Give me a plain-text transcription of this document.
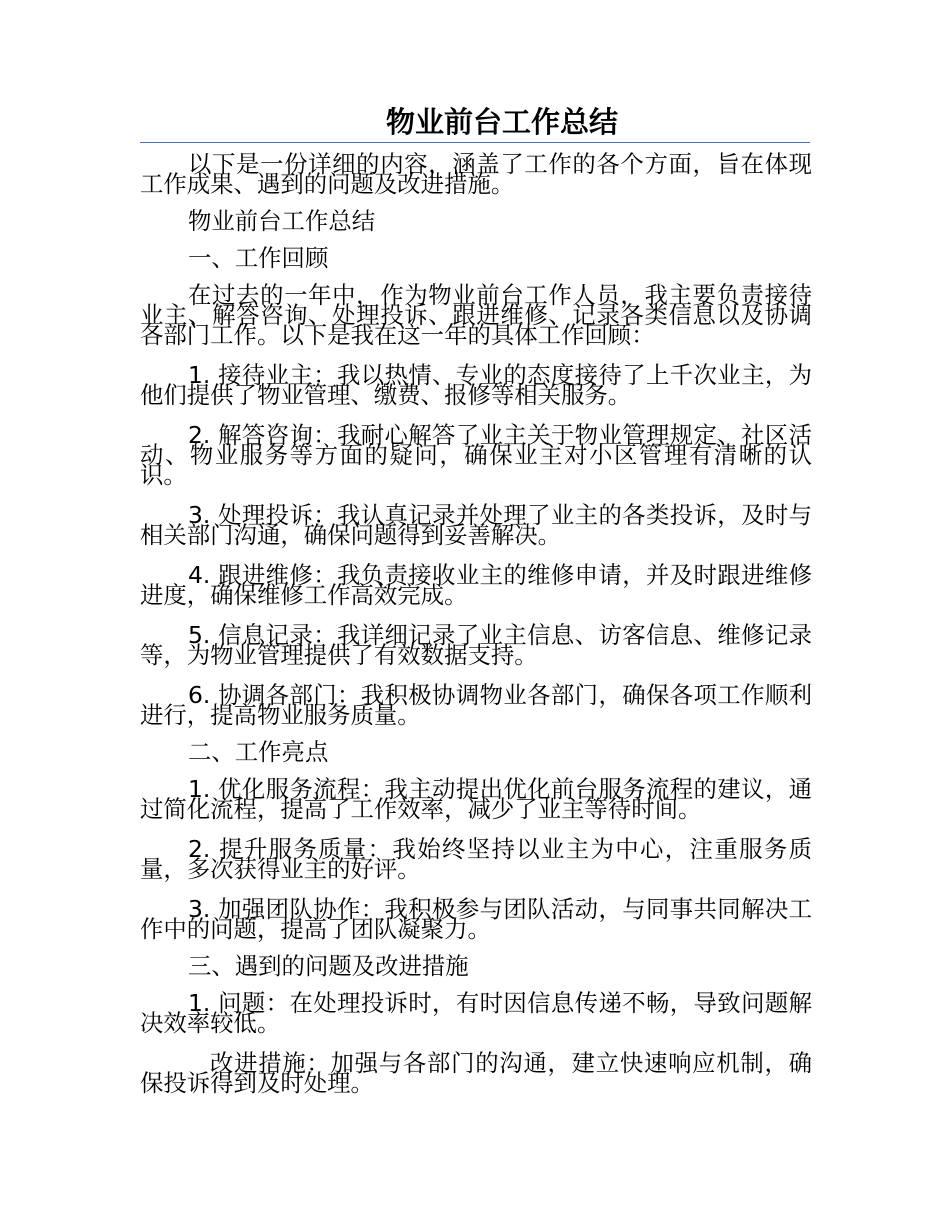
物业前台工作总结

以下是一份详细的内容，涵盖了工作的各个方面，旨在体现工作成果、遇到的问题及改进措施。

物业前台工作总结

一、工作回顾

在过去的一年中，作为物业前台工作人员，我主要负责接待业主、解答咨询、处理投诉、跟进维修、记录各类信息以及协调各部门工作。以下是我在这一年的具体工作回顾：

1. 接待业主：我以热情、专业的态度接待了上千次业主，为他们提供了物业管理、缴费、报修等相关服务。

2. 解答咨询：我耐心解答了业主关于物业管理规定、社区活动、物业服务等方面的疑问，确保业主对小区管理有清晰的认识。

3. 处理投诉：我认真记录并处理了业主的各类投诉，及时与相关部门沟通，确保问题得到妥善解决。

4. 跟进维修：我负责接收业主的维修申请，并及时跟进维修进度，确保维修工作高效完成。

5. 信息记录：我详细记录了业主信息、访客信息、维修记录等，为物业管理提供了有效数据支持。

6. 协调各部门：我积极协调物业各部门，确保各项工作顺利进行，提高物业服务质量。

二、工作亮点

1. 优化服务流程：我主动提出优化前台服务流程的建议，通过简化流程，提高了工作效率，减少了业主等待时间。

2. 提升服务质量：我始终坚持以业主为中心，注重服务质量，多次获得业主的好评。

3. 加强团队协作：我积极参与团队活动，与同事共同解决工作中的问题，提高了团队凝聚力。

三、遇到的问题及改进措施

1. 问题：在处理投诉时，有时因信息传递不畅，导致问题解决效率较低。

改进措施：加强与各部门的沟通，建立快速响应机制，确保投诉得到及时处理。
